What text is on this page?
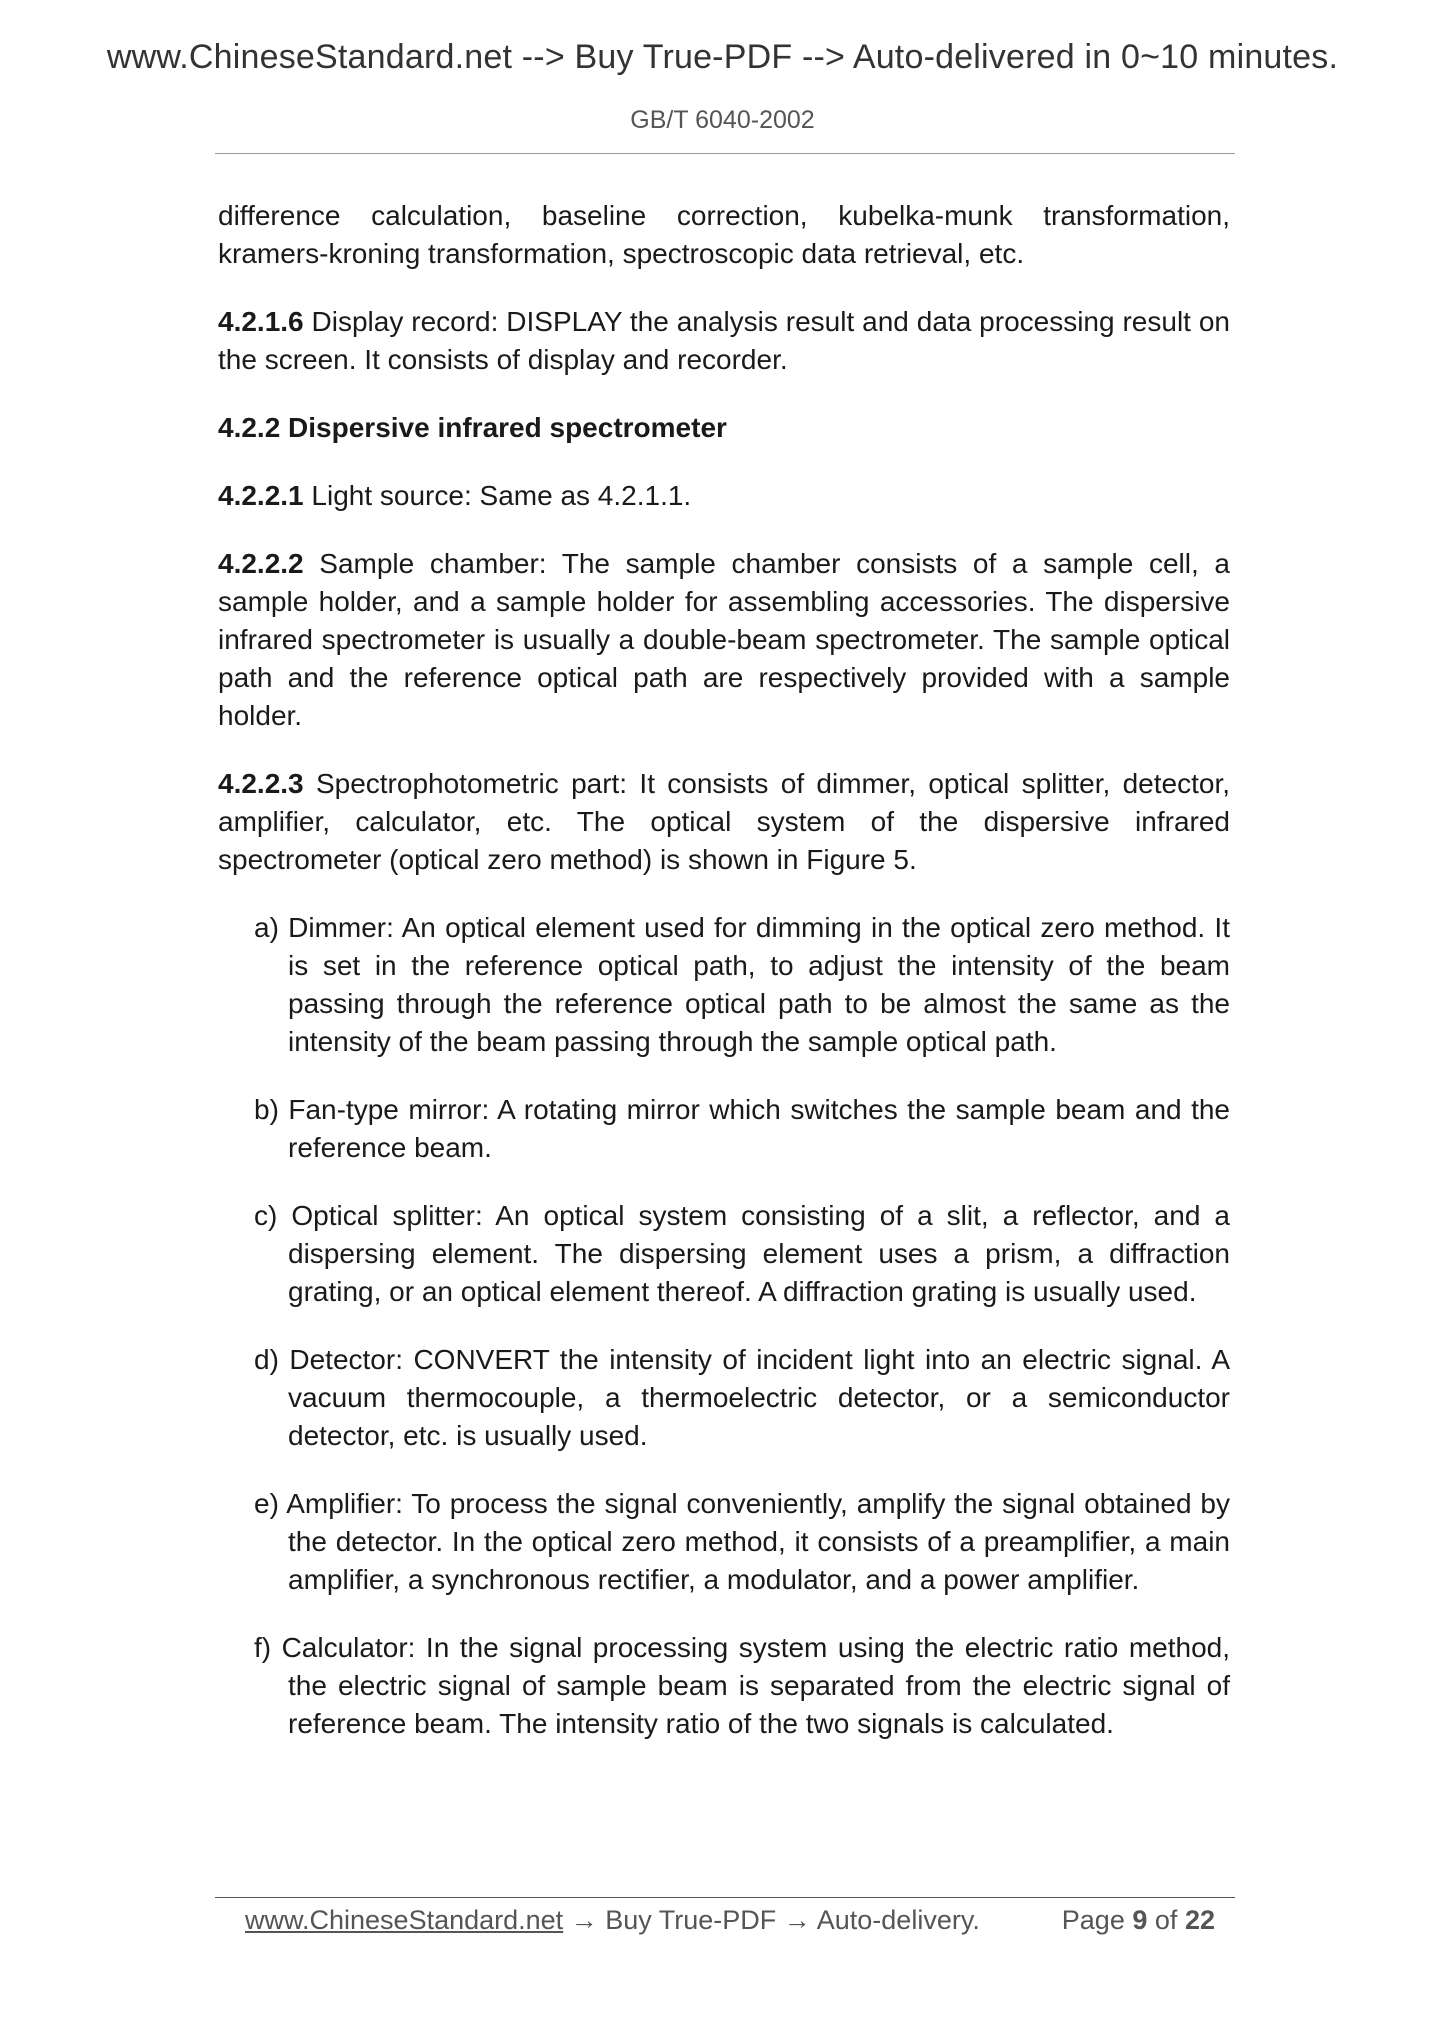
www.ChineseStandard.net --> Buy True-PDF --> Auto-delivered in 0~10 minutes.
GB/T 6040-2002

difference calculation, baseline correction, kubelka-munk transformation, kramers-kroning transformation, spectroscopic data retrieval, etc.

4.2.1.6 Display record: DISPLAY the analysis result and data processing result on the screen. It consists of display and recorder.

4.2.2 Dispersive infrared spectrometer

4.2.2.1 Light source: Same as 4.2.1.1.

4.2.2.2 Sample chamber: The sample chamber consists of a sample cell, a sample holder, and a sample holder for assembling accessories. The dispersive infrared spectrometer is usually a double-beam spectrometer. The sample optical path and the reference optical path are respectively provided with a sample holder.

4.2.2.3 Spectrophotometric part: It consists of dimmer, optical splitter, detector, amplifier, calculator, etc. The optical system of the dispersive infrared spectrometer (optical zero method) is shown in Figure 5.

a) Dimmer: An optical element used for dimming in the optical zero method. It is set in the reference optical path, to adjust the intensity of the beam passing through the reference optical path to be almost the same as the intensity of the beam passing through the sample optical path.

b) Fan-type mirror: A rotating mirror which switches the sample beam and the reference beam.

c) Optical splitter: An optical system consisting of a slit, a reflector, and a dispersing element. The dispersing element uses a prism, a diffraction grating, or an optical element thereof. A diffraction grating is usually used.

d) Detector: CONVERT the intensity of incident light into an electric signal. A vacuum thermocouple, a thermoelectric detector, or a semiconductor detector, etc. is usually used.

e) Amplifier: To process the signal conveniently, amplify the signal obtained by the detector. In the optical zero method, it consists of a preamplifier, a main amplifier, a synchronous rectifier, a modulator, and a power amplifier.

f) Calculator: In the signal processing system using the electric ratio method, the electric signal of sample beam is separated from the electric signal of reference beam. The intensity ratio of the two signals is calculated.

www.ChineseStandard.net → Buy True-PDF → Auto-delivery.	Page 9 of 22
